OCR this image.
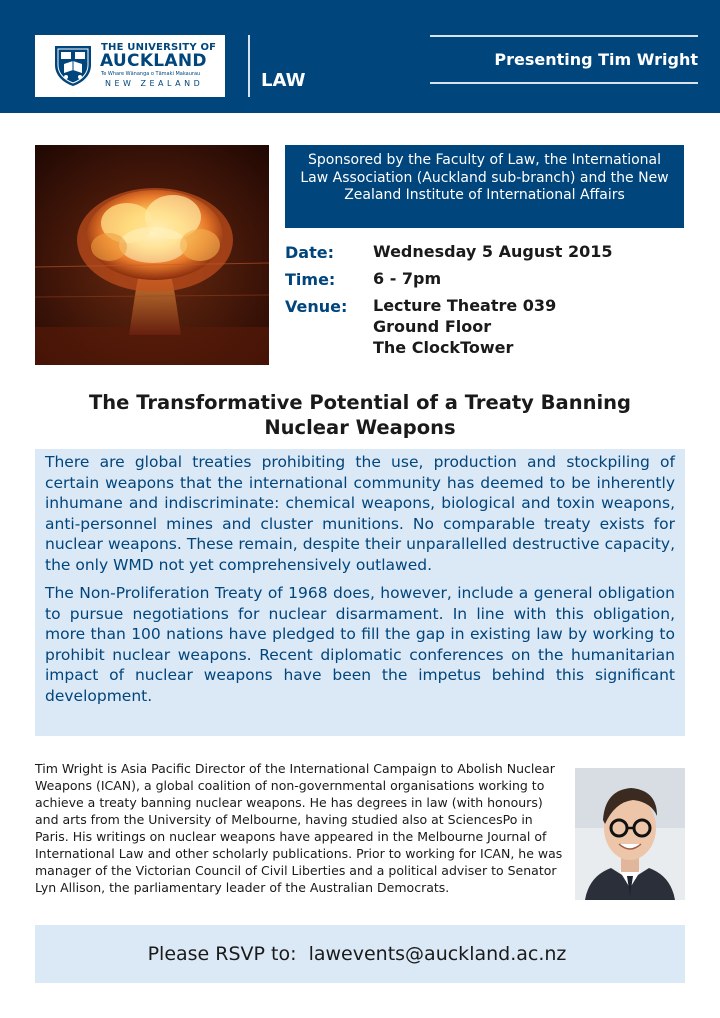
THE UNIVERSITY OF
AUCKLAND
Te Whare Wānanga o Tāmaki Makaurau
NEW ZEALAND	LAW
Presenting Tim Wright
Sponsored by the Faculty of Law, the International Law Association (Auckland sub-branch) and the New Zealand Institute of International Affairs
Date: Wednesday 5 August 2015
Time: 6 - 7pm
Venue: Lecture Theatre 039
Ground Floor
The ClockTower
The Transformative Potential of a Treaty Banning
Nuclear Weapons

There are global treaties prohibiting the use, production and stockpiling of certain weapons that the international community has deemed to be inherently inhumane and indiscriminate: chemical weapons, biological and toxin weapons, anti-personnel mines and cluster munitions. No comparable treaty exists for nuclear weapons. These remain, despite their unparallelled destructive capacity, the only WMD not yet comprehensively outlawed.

The Non-Proliferation Treaty of 1968 does, however, include a general obligation to pursue negotiations for nuclear disarmament. In line with this obligation, more than 100 nations have pledged to fill the gap in existing law by working to prohibit nuclear weapons. Recent diplomatic conferences on the humanitarian impact of nuclear weapons have been the impetus behind this significant development.

Tim Wright is Asia Pacific Director of the International Campaign to Abolish Nuclear Weapons (ICAN), a global coalition of non-governmental organisations working to achieve a treaty banning nuclear weapons. He has degrees in law (with honours) and arts from the University of Melbourne, having studied also at SciencesPo in Paris. His writings on nuclear weapons have appeared in the Melbourne Journal of International Law and other scholarly publications. Prior to working for ICAN, he was manager of the Victorian Council of Civil Liberties and a political adviser to Senator Lyn Allison, the parliamentary leader of the Australian Democrats.
Please RSVP to: lawevents@auckland.ac.nz
